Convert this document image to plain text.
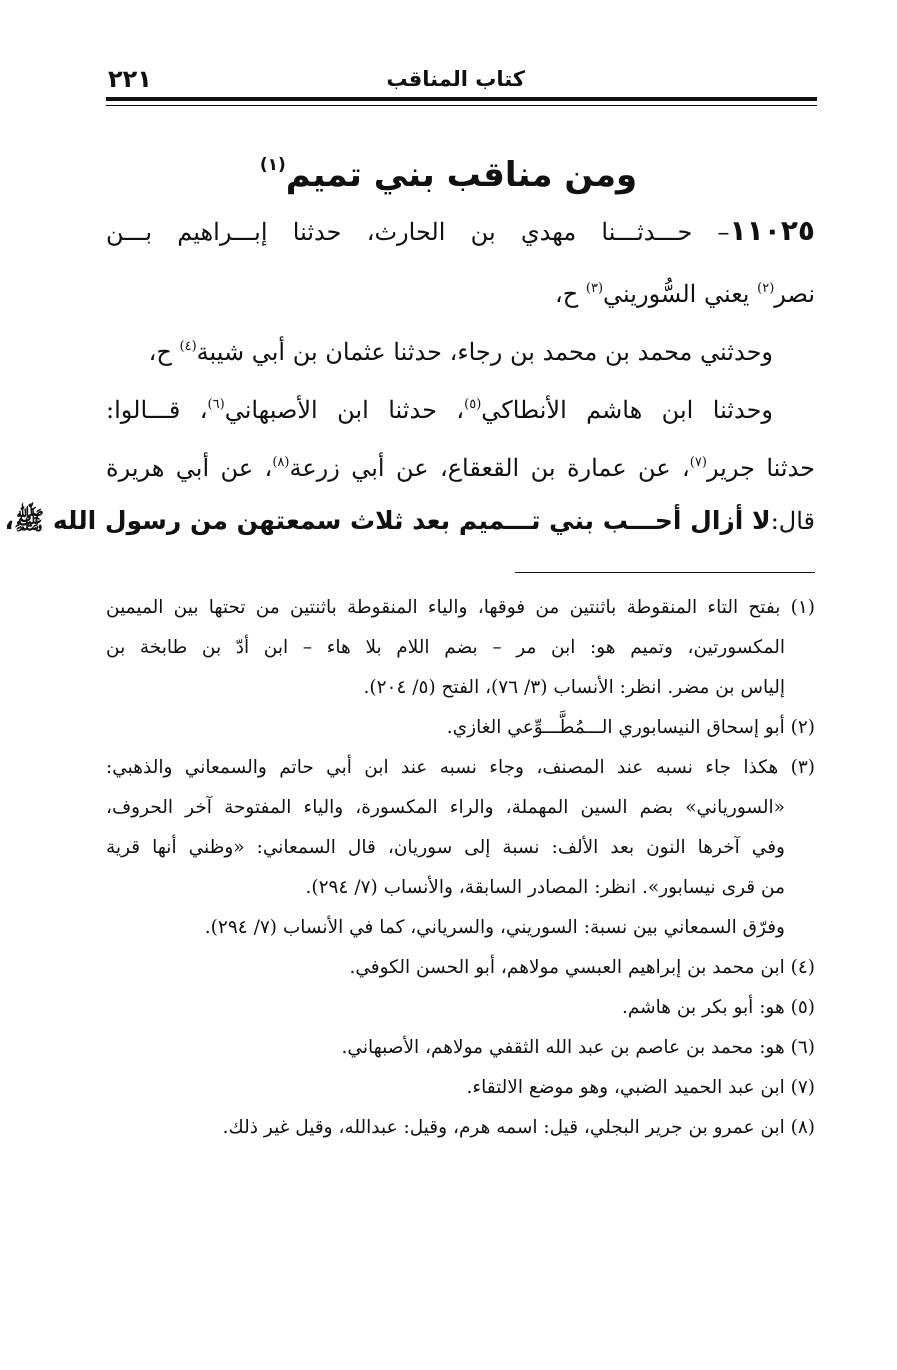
كتاب المناقب
٢٢١
ومن مناقب بني تميم$^{(١)}$
١١٠٢٥– حـــدثـــنا مهدي بن الحارث، حدثنا إبـــراهيم بـــن
نصر$^{(٢)}$ يعني السُّوريني$^{(٣)}$ ح،
وحدثني محمد بن محمد بن رجاء، حدثنا عثمان بن أبي شيبة$^{(٤)}$ ح،
وحدثنا ابن هاشم الأنطاكي$^{(٥)}$، حدثنا ابن الأصبهاني$^{(٦)}$، قـــالوا:
حدثنا جرير$^{(٧)}$، عن عمارة بن القعقاع، عن أبي زرعة$^{(٨)}$، عن أبي هريرة
قال:لا أزال أحـــب بني تـــميم بعد ثلاث سمعتهن من رسول الله ﷺ،
(١) بفتح التاء المنقوطة باثنتين من فوقها، والياء المنقوطة باثنتين من تحتها بين الميمين
المكسورتين، وتميم هو: ابن مر – بضم اللام بلا هاء – ابن أدّ بن طابخة بن
إلياس بن مضر. انظر: الأنساب (٣/ ٧٦)، الفتح (٥/ ٢٠٤).
(٢) أبو إسحاق النيسابوري الـــمُطَّـــوِّعي الغازي.
(٣) هكذا جاء نسبه عند المصنف، وجاء نسبه عند ابن أبي حاتم والسمعاني والذهبي:
«السورياني» بضم السين المهملة، والراء المكسورة، والياء المفتوحة آخر الحروف،
وفي آخرها النون بعد الألف: نسبة إلى سوريان، قال السمعاني: «وظني أنها قرية
من قرى نيسابور». انظر: المصادر السابقة، والأنساب (٧/ ٢٩٤).
وفرّق السمعاني بين نسبة: السوريني، والسرياني، كما في الأنساب (٧/ ٢٩٤).
(٤) ابن محمد بن إبراهيم العبسي مولاهم، أبو الحسن الكوفي.
(٥) هو: أبو بكر بن هاشم.
(٦) هو: محمد بن عاصم بن عبد الله الثقفي مولاهم، الأصبهاني.
(٧) ابن عبد الحميد الضبي، وهو موضع الالتقاء.
(٨) ابن عمرو بن جرير البجلي، قيل: اسمه هرم، وقيل: عبدالله، وقيل غير ذلك.
